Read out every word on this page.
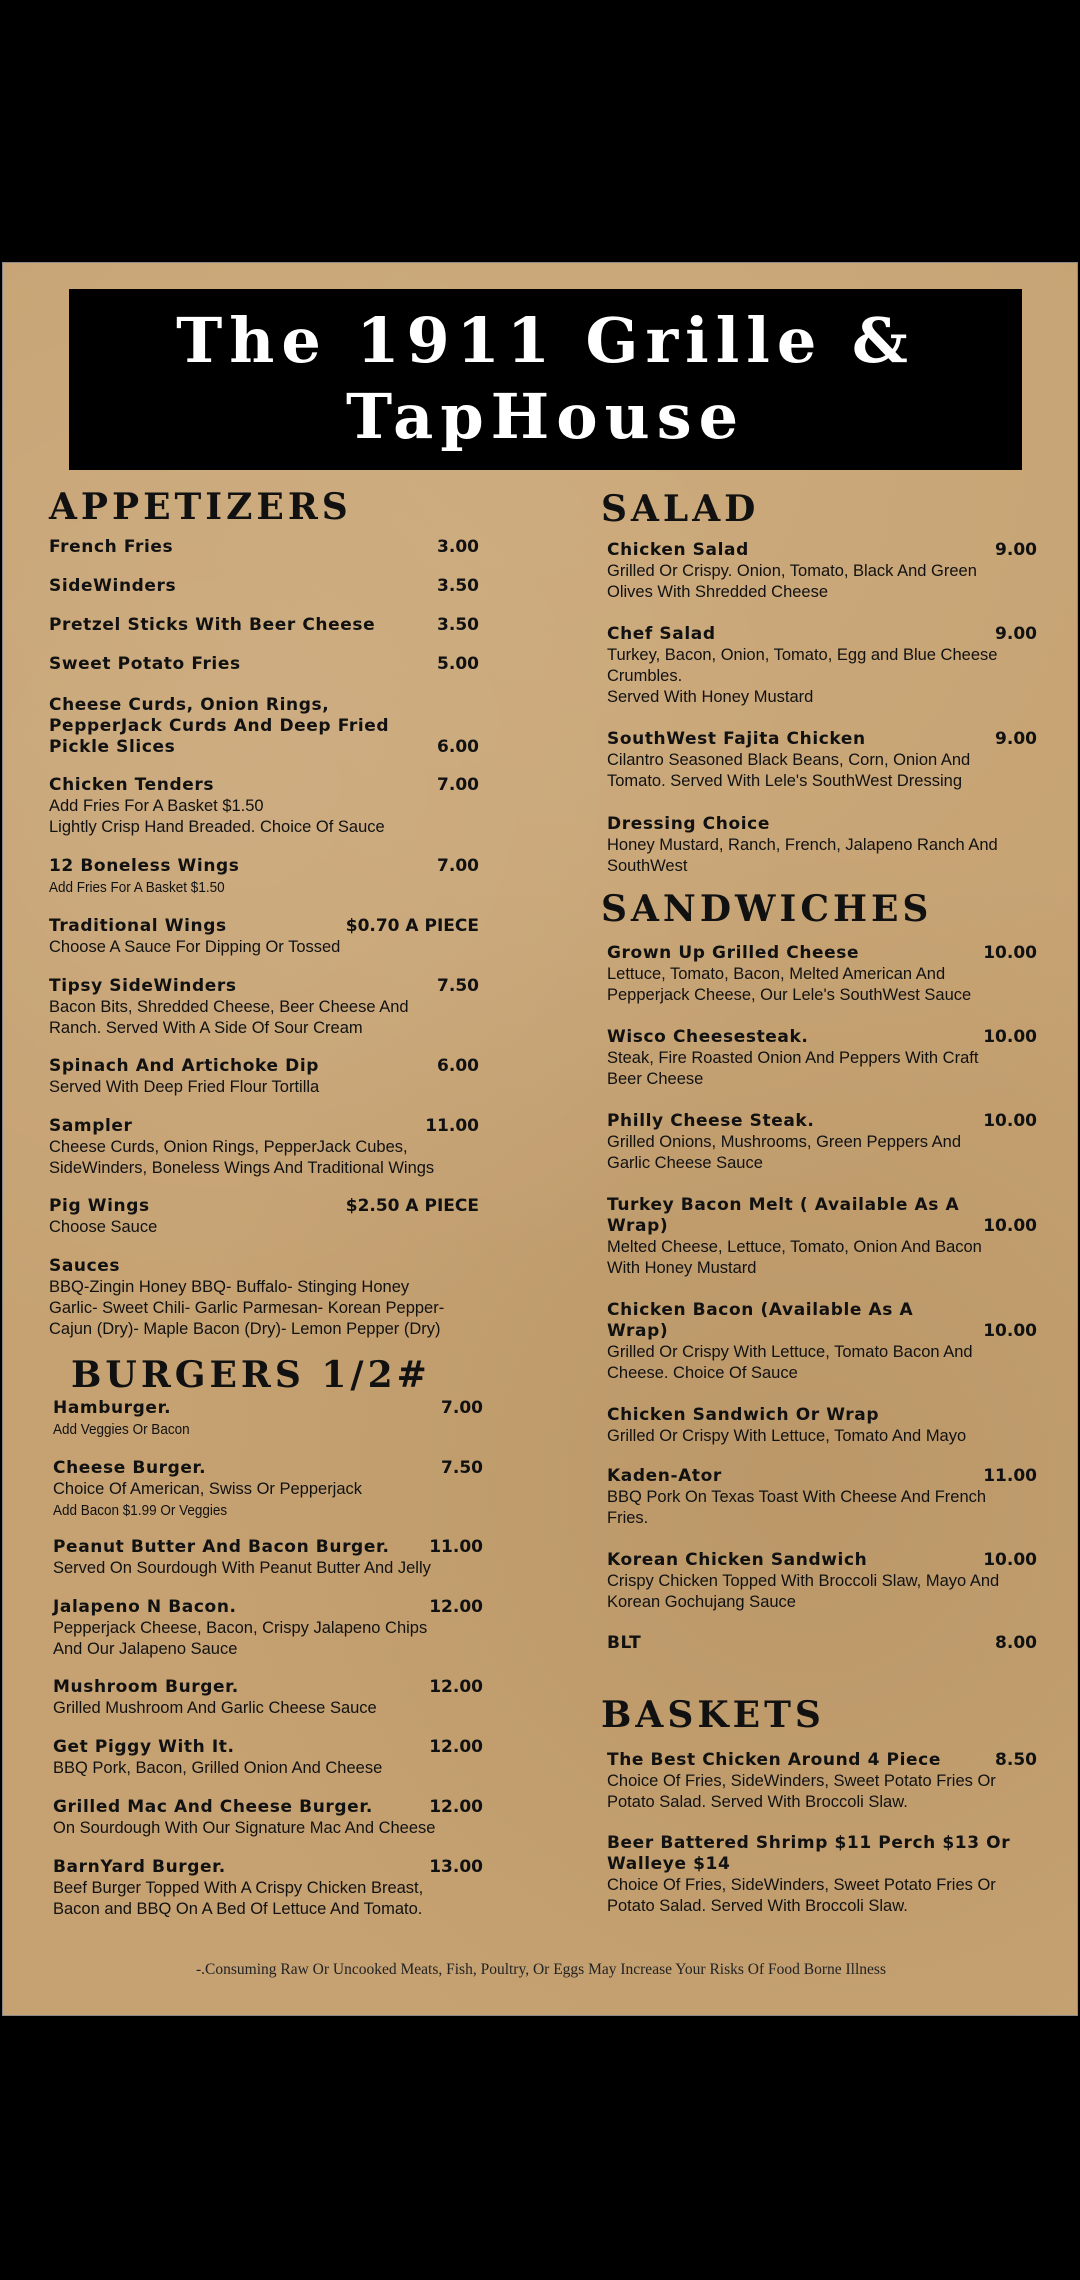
The 1911 Grille &
TapHouse
APPETIZERS
French Fries	3.00
SideWinders	3.50
Pretzel Sticks With Beer Cheese	3.50
Sweet Potato Fries	5.00
Cheese Curds, Onion Rings, PepperJack Curds And Deep Fried Pickle Slices	6.00
Chicken Tenders	7.00
Add Fries For A Basket $1.50
Lightly Crisp Hand Breaded. Choice Of Sauce
12 Boneless Wings	7.00
Add Fries For A Basket $1.50
Traditional Wings	$0.70 A PIECE
Choose A Sauce For Dipping Or Tossed
Tipsy SideWinders	7.50
Bacon Bits, Shredded Cheese, Beer Cheese And
Ranch. Served With A Side Of Sour Cream
Spinach And Artichoke Dip	6.00
Served With Deep Fried Flour Tortilla
Sampler	11.00
Cheese Curds, Onion Rings, PepperJack Cubes,
SideWinders, Boneless Wings And Traditional Wings
Pig Wings	$2.50 A PIECE
Choose Sauce
Sauces
BBQ-Zingin Honey BBQ- Buffalo- Stinging Honey
Garlic- Sweet Chili- Garlic Parmesan- Korean Pepper-
Cajun (Dry)- Maple Bacon (Dry)- Lemon Pepper (Dry)
BURGERS 1/2#
Hamburger.	7.00
Add Veggies Or Bacon
Cheese Burger.	7.50
Choice Of American, Swiss Or Pepperjack
Add Bacon $1.99 Or Veggies
Peanut Butter And Bacon Burger.	11.00
Served On Sourdough With Peanut Butter And Jelly
Jalapeno N Bacon.	12.00
Pepperjack Cheese, Bacon, Crispy Jalapeno Chips
And Our Jalapeno Sauce
Mushroom Burger.	12.00
Grilled Mushroom And Garlic Cheese Sauce
Get Piggy With It.	12.00
BBQ Pork, Bacon, Grilled Onion And Cheese
Grilled Mac And Cheese Burger.	12.00
On Sourdough With Our Signature Mac And Cheese
BarnYard Burger.	13.00
Beef Burger Topped With A Crispy Chicken Breast,
Bacon and BBQ On A Bed Of Lettuce And Tomato.
SALAD
Chicken Salad	9.00
Grilled Or Crispy. Onion, Tomato, Black And Green
Olives With Shredded Cheese
Chef Salad	9.00
Turkey, Bacon, Onion, Tomato, Egg and Blue Cheese
Crumbles.
Served With Honey Mustard
SouthWest Fajita Chicken	9.00
Cilantro Seasoned Black Beans, Corn, Onion And
Tomato. Served With Lele's SouthWest Dressing
Dressing Choice
Honey Mustard, Ranch, French, Jalapeno Ranch And
SouthWest
SANDWICHES
Grown Up Grilled Cheese	10.00
Lettuce, Tomato, Bacon, Melted American And
Pepperjack Cheese, Our Lele's SouthWest Sauce
Wisco Cheesesteak.	10.00
Steak, Fire Roasted Onion And Peppers With Craft
Beer Cheese
Philly Cheese Steak.	10.00
Grilled Onions, Mushrooms, Green Peppers And
Garlic Cheese Sauce
Turkey Bacon Melt ( Available As A Wrap)	10.00
Melted Cheese, Lettuce, Tomato, Onion And Bacon
With Honey Mustard
Chicken Bacon (Available As A Wrap)	10.00
Grilled Or Crispy With Lettuce, Tomato Bacon And
Cheese. Choice Of Sauce
Chicken Sandwich Or Wrap
Grilled Or Crispy With Lettuce, Tomato And Mayo
Kaden-Ator	11.00
BBQ Pork On Texas Toast With Cheese And French
Fries.
Korean Chicken Sandwich	10.00
Crispy Chicken Topped With Broccoli Slaw, Mayo And
Korean Gochujang Sauce
BLT	8.00
BASKETS
The Best Chicken Around 4 Piece	8.50
Choice Of Fries, SideWinders, Sweet Potato Fries Or
Potato Salad. Served With Broccoli Slaw.
Beer Battered Shrimp $11 Perch $13 Or Walleye $14
Choice Of Fries, SideWinders, Sweet Potato Fries Or
Potato Salad. Served With Broccoli Slaw.
-.Consuming Raw Or Uncooked Meats, Fish, Poultry, Or Eggs May Increase Your Risks Of Food Borne Illness
